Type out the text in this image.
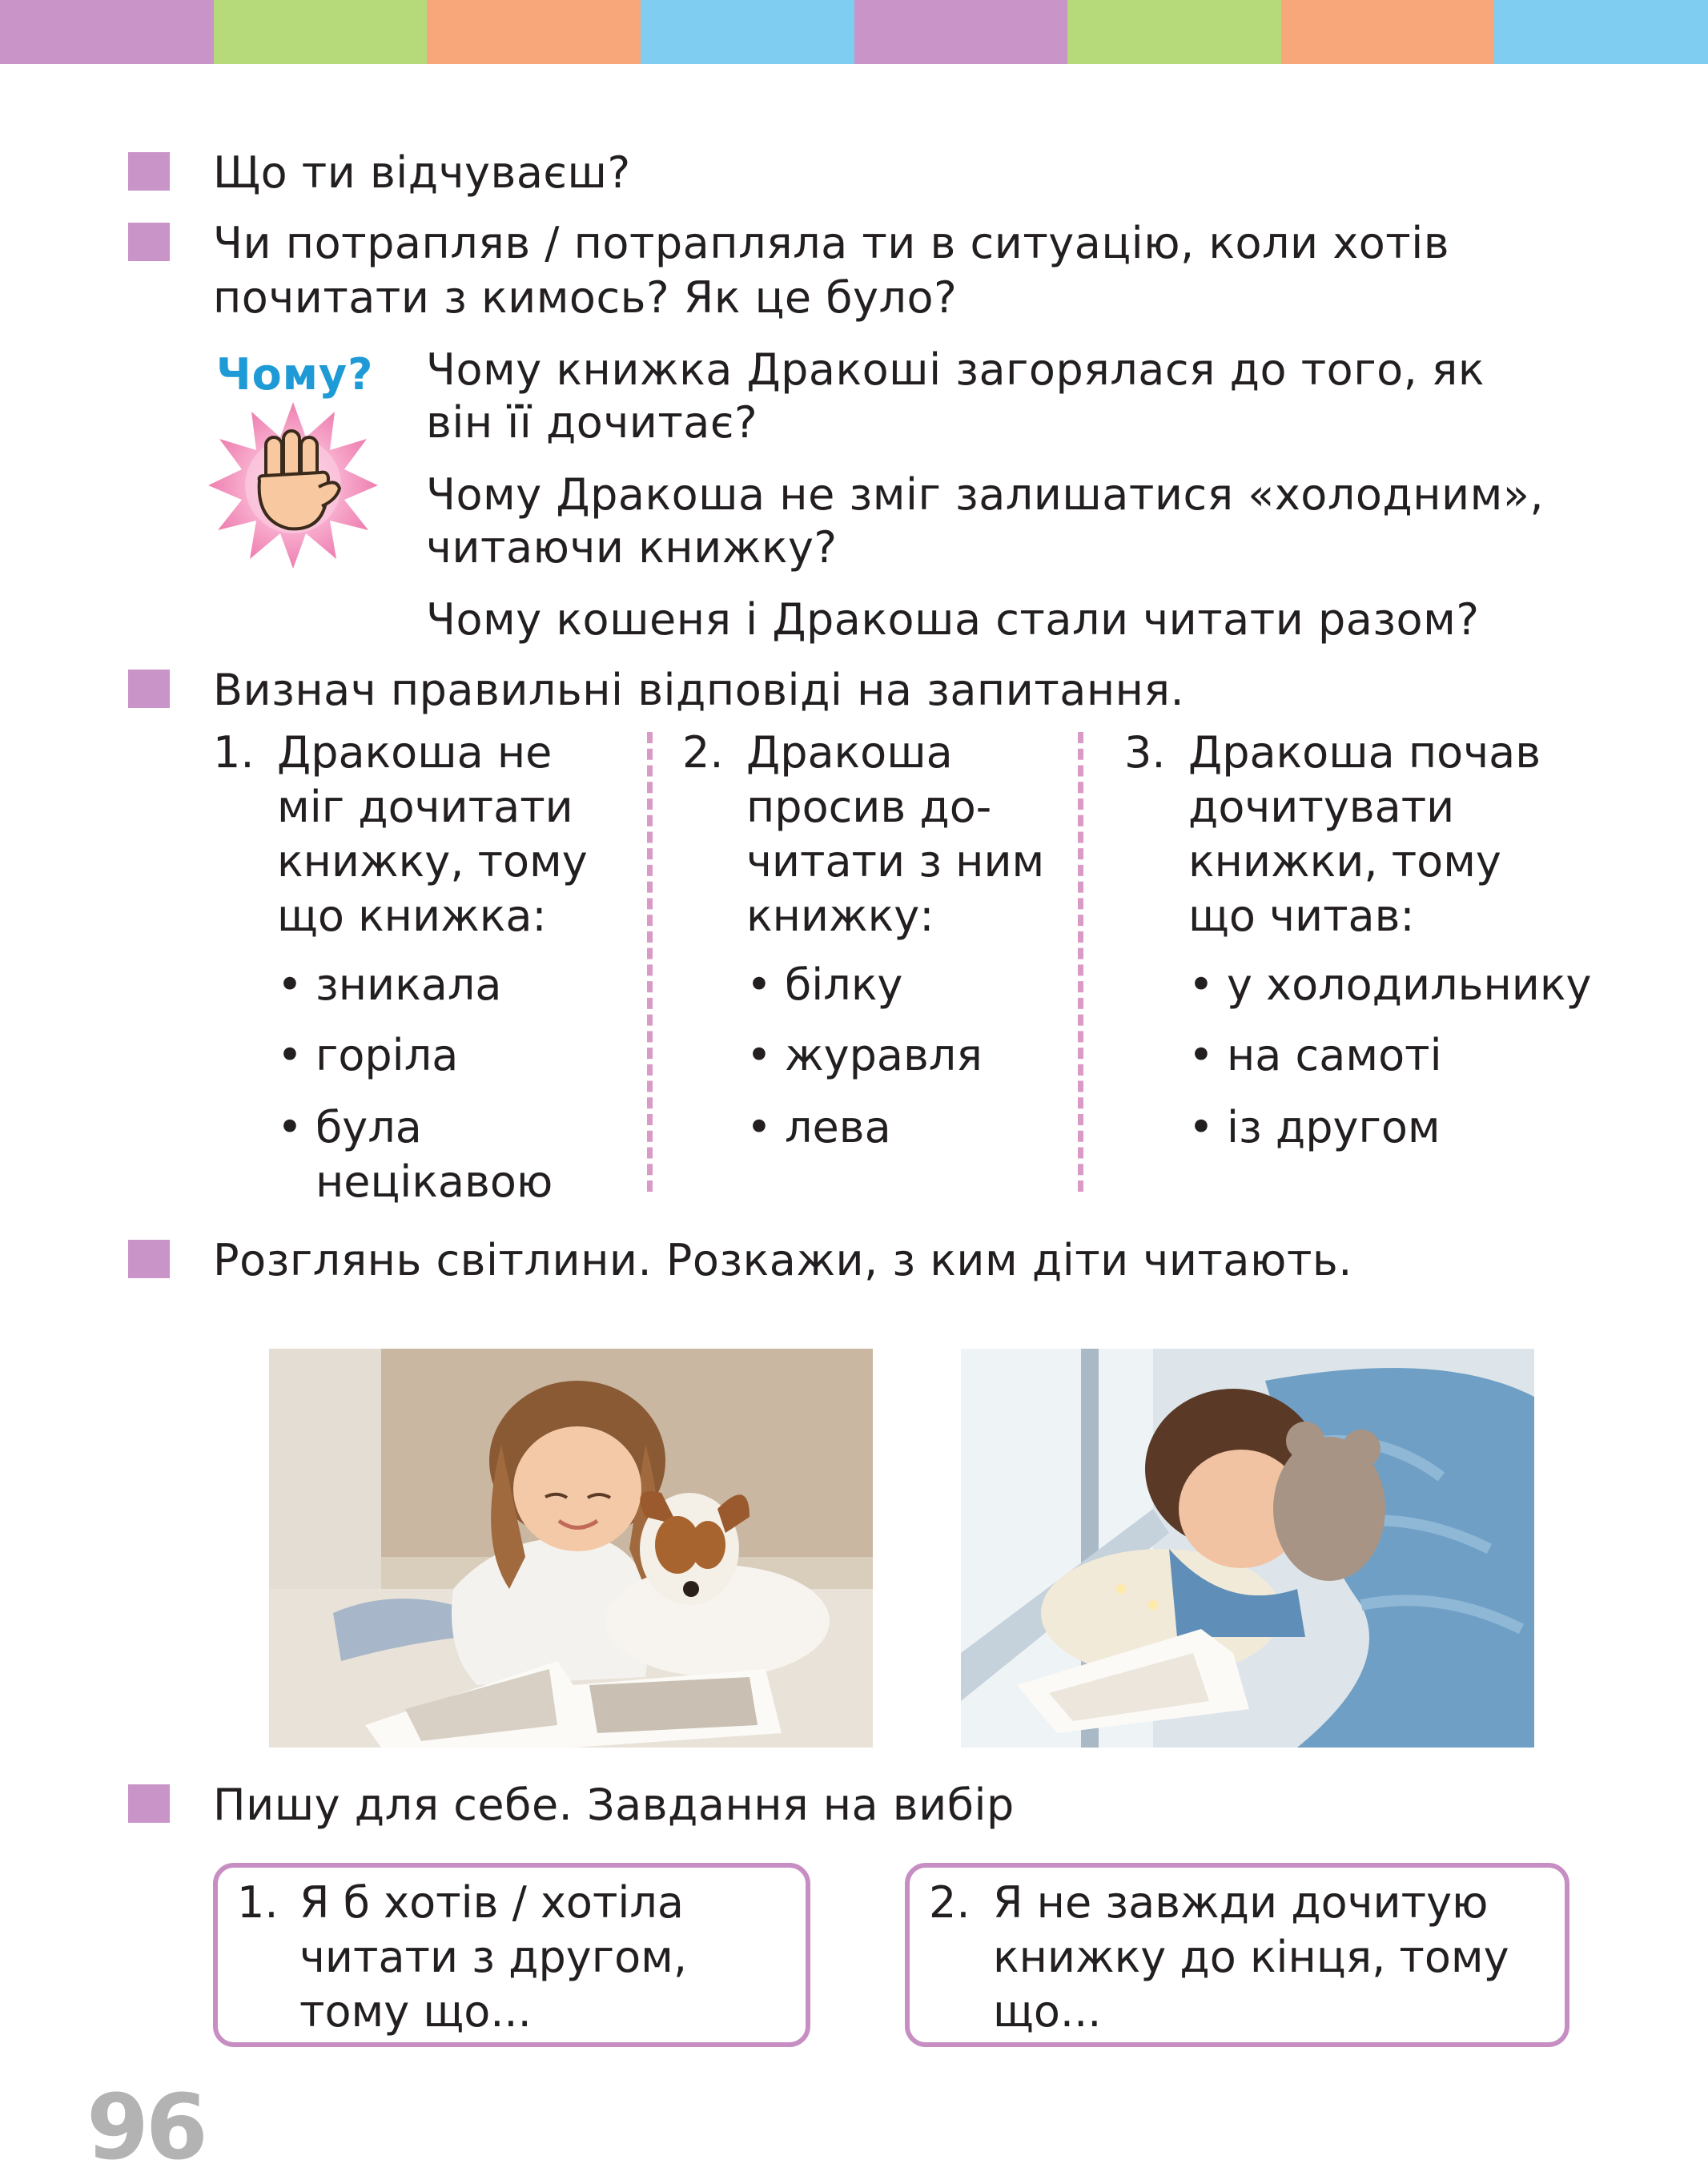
Що ти відчуваєш?
Чи потрапляв / потрапляла ти в ситуацію, коли хотів
почитати з кимось? Як це було?
Чому? Чому книжка Дракоші загорялася до того, як
він її дочитає?
Чому Дракоша не зміг залишатися «холодним»,
читаючи книжку?
Чому кошеня і Дракоша стали читати разом?
Визнач правильні відповіді на запитання.
1. Дракоша не
міг дочитати
книжку, тому
що книжка:
• зникала
• горіла
• була
нецікавою
2. Дракоша
просив до-
читати з ним
книжку:
• білку
• журавля
• лева
3. Дракоша почав
дочитувати
книжки, тому
що читав:
• у холодильнику
• на самоті
• із другом
Розглянь світлини. Розкажи, з ким діти читають.
Пишу для себе. Завдання на вибір
1. Я б хотів / хотіла
читати з другом,
тому що...
2. Я не завжди дочитую
книжку до кінця, тому
що...
96
